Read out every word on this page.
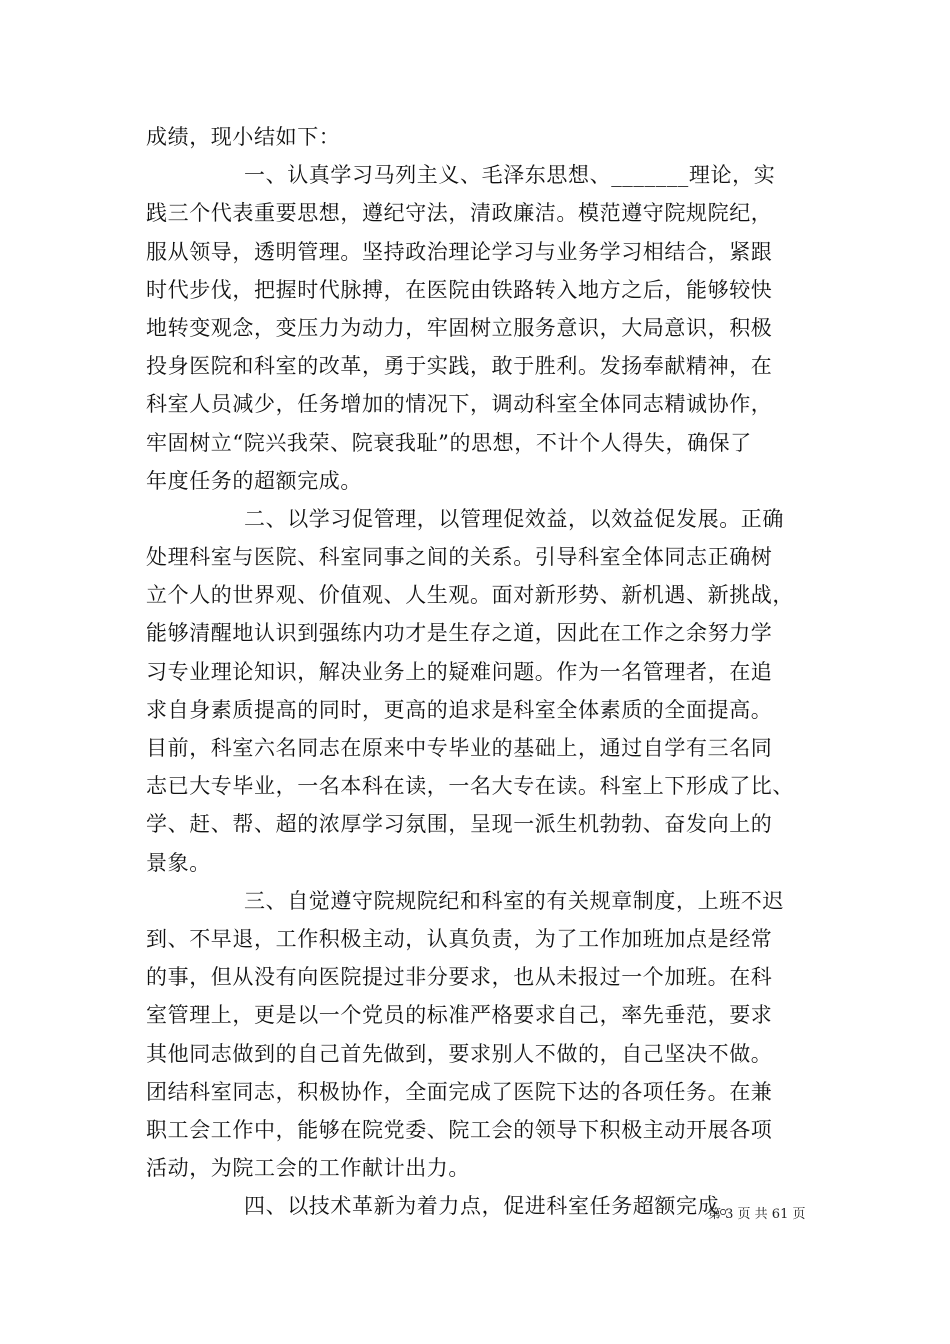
成绩，现小结如下：
一、认真学习马列主义、毛泽东思想、_______理论，实
践三个代表重要思想，遵纪守法，清政廉洁。模范遵守院规院纪，
服从领导，透明管理。坚持政治理论学习与业务学习相结合，紧跟
时代步伐，把握时代脉搏，在医院由铁路转入地方之后，能够较快
地转变观念，变压力为动力，牢固树立服务意识，大局意识，积极
投身医院和科室的改革，勇于实践，敢于胜利。发扬奉献精神，在
科室人员减少，任务增加的情况下，调动科室全体同志精诚协作，
牢固树立“院兴我荣、院衰我耻”的思想，不计个人得失，确保了
年度任务的超额完成。
二、以学习促管理，以管理促效益，以效益促发展。正确
处理科室与医院、科室同事之间的关系。引导科室全体同志正确树
立个人的世界观、价值观、人生观。面对新形势、新机遇、新挑战，
能够清醒地认识到强练内功才是生存之道，因此在工作之余努力学
习专业理论知识，解决业务上的疑难问题。作为一名管理者，在追
求自身素质提高的同时，更高的追求是科室全体素质的全面提高。
目前，科室六名同志在原来中专毕业的基础上，通过自学有三名同
志已大专毕业，一名本科在读，一名大专在读。科室上下形成了比、
学、赶、帮、超的浓厚学习氛围，呈现一派生机勃勃、奋发向上的
景象。
三、自觉遵守院规院纪和科室的有关规章制度，上班不迟
到、不早退，工作积极主动，认真负责，为了工作加班加点是经常
的事，但从没有向医院提过非分要求，也从未报过一个加班。在科
室管理上，更是以一个党员的标准严格要求自己，率先垂范，要求
其他同志做到的自己首先做到，要求别人不做的，自己坚决不做。
团结科室同志，积极协作，全面完成了医院下达的各项任务。在兼
职工会工作中，能够在院党委、院工会的领导下积极主动开展各项
活动，为院工会的工作献计出力。
四、以技术革新为着力点，促进科室任务超额完成。
第 3 页 共 61 页
